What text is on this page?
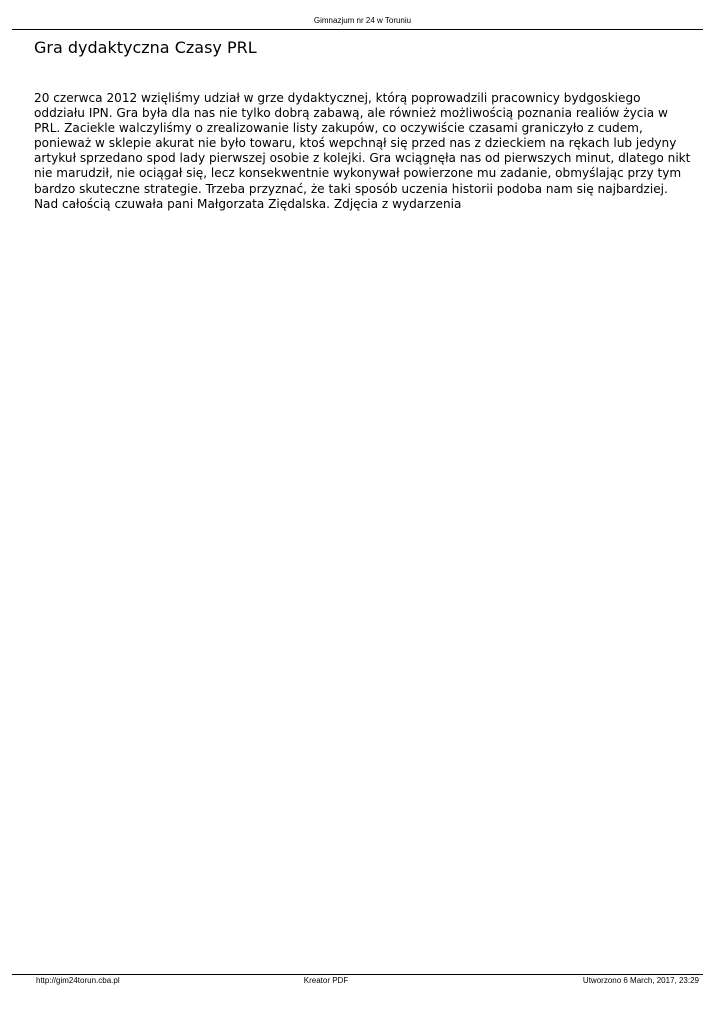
Gimnazjum nr 24 w Toruniu
Gra dydaktyczna Czasy PRL

20 czerwca 2012 wzięliśmy udział w grze dydaktycznej, którą poprowadzili pracownicy bydgoskiego oddziału IPN. Gra była dla nas nie tylko dobrą zabawą, ale również możliwością poznania realiów życia w PRL. Zaciekle walczyliśmy o zrealizowanie listy zakupów, co oczywiście czasami graniczyło z cudem, ponieważ w sklepie akurat nie było towaru, ktoś wepchnął się przed nas z dzieckiem na rękach lub jedyny artykuł sprzedano spod lady pierwszej osobie z kolejki. Gra wciągnęła nas od pierwszych minut, dlatego nikt nie marudził, nie ociągał się, lecz konsekwentnie wykonywał powierzone mu zadanie, obmyślając przy tym bardzo skuteczne strategie. Trzeba przyznać, że taki sposób uczenia historii podoba nam się najbardziej. Nad całością czuwała pani Małgorzata Ziędalska. Zdjęcia z wydarzenia

http://gim24torun.cba.pl	Kreator PDF	Utworzono 6 March, 2017, 23:29
